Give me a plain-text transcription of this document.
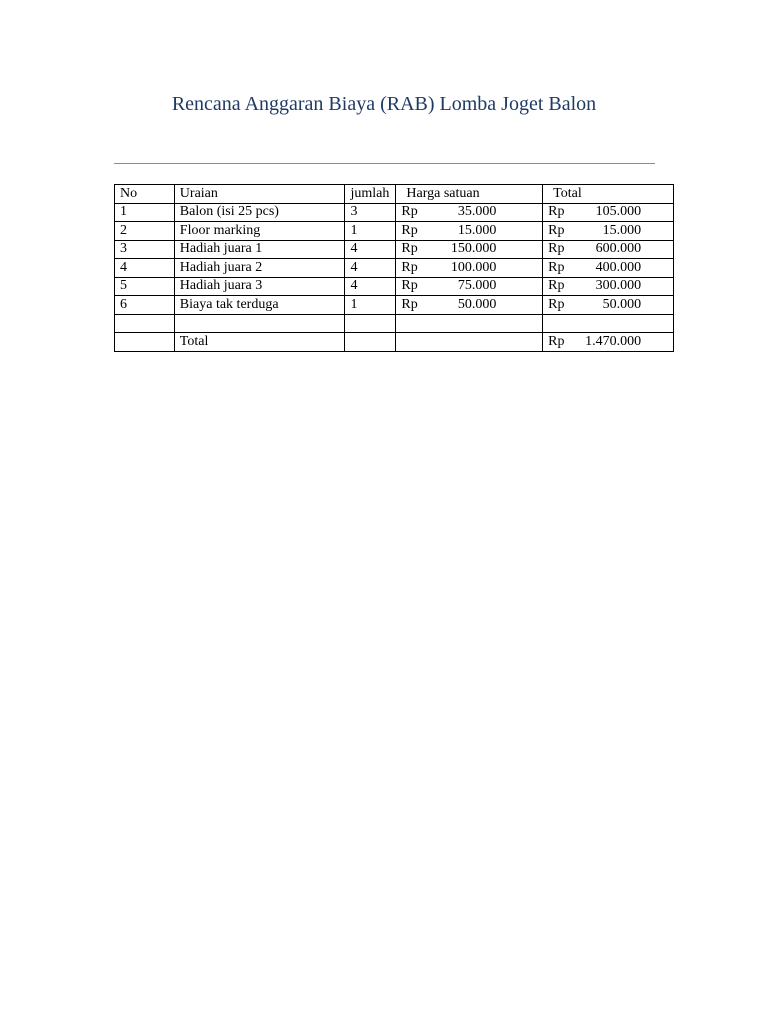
Rencana Anggaran Biaya (RAB) Lomba Joget Balon
No	Uraian	jumlah	Harga satuan	Total
1	Balon (isi 25 pcs)	3	Rp 35.000	Rp 105.000

2	Floor marking	1	Rp 15.000	Rp 15.000

3	Hadiah juara 1	4	Rp 150.000	Rp 600.000

4	Hadiah juara 2	4	Rp 100.000	Rp 400.000

5	Hadiah juara 3	4	Rp 75.000	Rp 300.000

6	Biaya tak terduga	1	Rp 50.000	Rp 50.000

	Total			Rp 1.470.000
